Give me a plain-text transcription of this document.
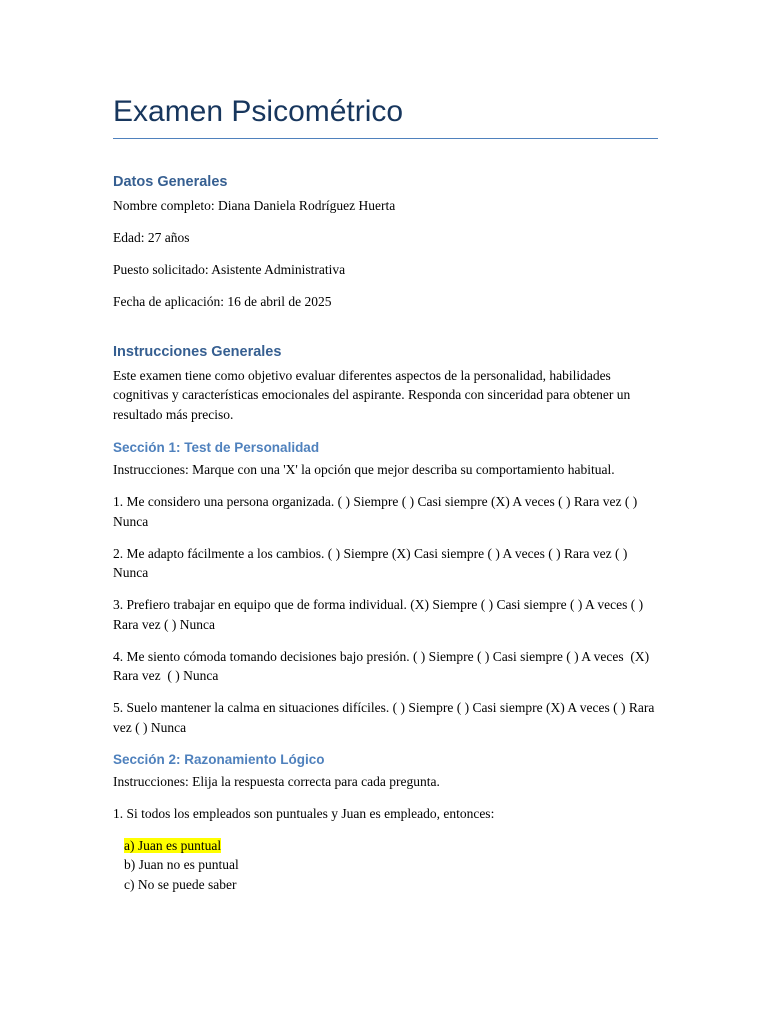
Examen Psicométrico
Datos Generales

Nombre completo: Diana Daniela Rodríguez Huerta

Edad: 27 años

Puesto solicitado: Asistente Administrativa

Fecha de aplicación: 16 de abril de 2025

Instrucciones Generales

Este examen tiene como objetivo evaluar diferentes aspectos de la personalidad, habilidades cognitivas y características emocionales del aspirante. Responda con sinceridad para obtener un resultado más preciso.

Sección 1: Test de Personalidad

Instrucciones: Marque con una 'X' la opción que mejor describa su comportamiento habitual.

1. Me considero una persona organizada. ( ) Siempre ( ) Casi siempre (X) A veces ( ) Rara vez ( ) Nunca

2. Me adapto fácilmente a los cambios. ( ) Siempre (X) Casi siempre ( ) A veces ( ) Rara vez ( ) Nunca

3. Prefiero trabajar en equipo que de forma individual. (X) Siempre ( ) Casi siempre ( ) A veces ( ) Rara vez ( ) Nunca

4. Me siento cómoda tomando decisiones bajo presión. ( ) Siempre ( ) Casi siempre ( ) A veces  (X) Rara vez  ( ) Nunca

5. Suelo mantener la calma en situaciones difíciles. ( ) Siempre ( ) Casi siempre (X) A veces ( ) Rara vez ( ) Nunca

Sección 2: Razonamiento Lógico

Instrucciones: Elija la respuesta correcta para cada pregunta.

1. Si todos los empleados son puntuales y Juan es empleado, entonces:

a) Juan es puntual
b) Juan no es puntual
c) No se puede saber
